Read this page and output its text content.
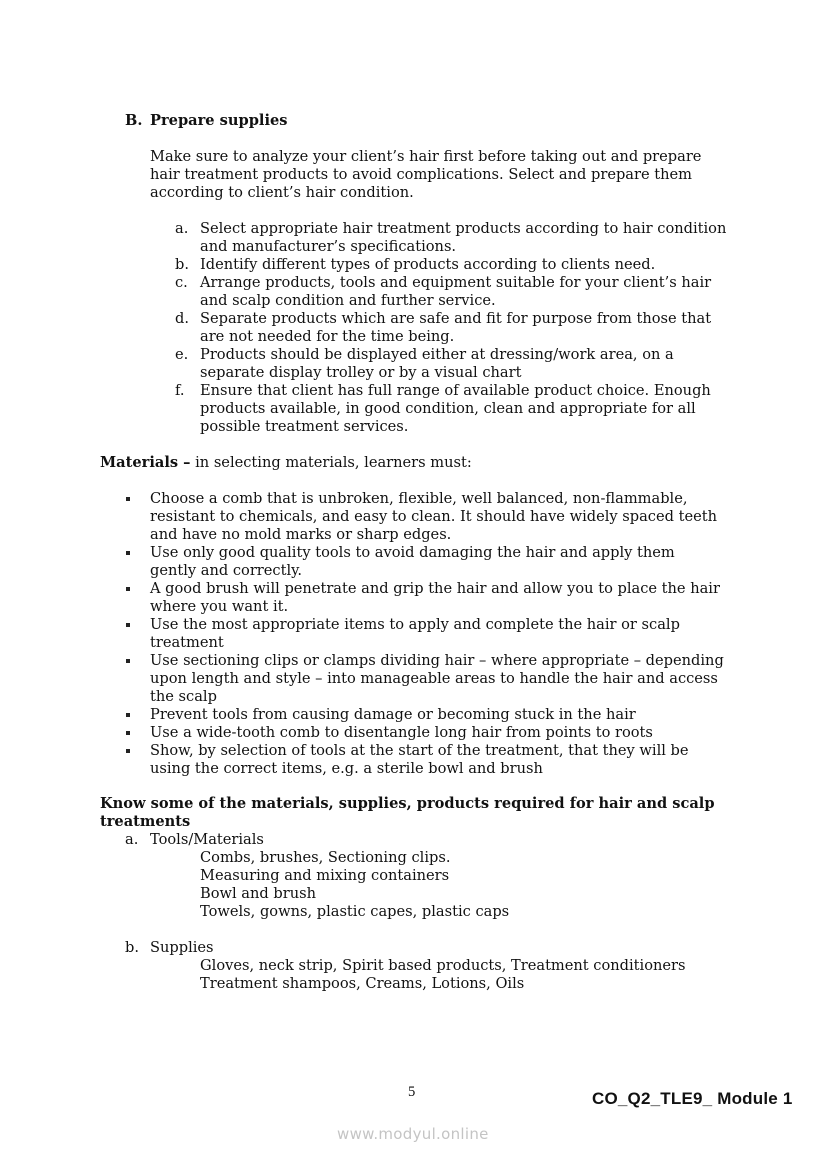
B. Prepare supplies
Make sure to analyze your client’s hair first before taking out and prepare
hair treatment products to avoid complications. Select and prepare them
according to client’s hair condition.
a. Select appropriate hair treatment products according to hair condition
and manufacturer’s specifications.
b. Identify different types of products according to clients need.
c. Arrange products, tools and equipment suitable for your client’s hair
and scalp condition and further service.
d. Separate products which are safe and fit for purpose from those that
are not needed for the time being.
e. Products should be displayed either at dressing/work area, on a
separate display trolley or by a visual chart
f. Ensure that client has full range of available product choice. Enough
products available, in good condition, clean and appropriate for all
possible treatment services.
Materials – in selecting materials, learners must:
Choose a comb that is unbroken, flexible, well balanced, non-flammable,
resistant to chemicals, and easy to clean. It should have widely spaced teeth
and have no mold marks or sharp edges.
Use only good quality tools to avoid damaging the hair and apply them
gently and correctly.
A good brush will penetrate and grip the hair and allow you to place the hair
where you want it.
Use the most appropriate items to apply and complete the hair or scalp
treatment
Use sectioning clips or clamps dividing hair – where appropriate – depending
upon length and style – into manageable areas to handle the hair and access
the scalp
Prevent tools from causing damage or becoming stuck in the hair
Use a wide-tooth comb to disentangle long hair from points to roots
Show, by selection of tools at the start of the treatment, that they will be
using the correct items, e.g. a sterile bowl and brush
Know some of the materials, supplies, products required for hair and scalp
treatments
a. Tools/Materials
Combs, brushes, Sectioning clips.
Measuring and mixing containers
Bowl and brush
Towels, gowns, plastic capes, plastic caps
b. Supplies
Gloves, neck strip, Spirit based products, Treatment conditioners
Treatment shampoos, Creams, Lotions, Oils
5	CO_Q2_TLE9_ Module 1
www.modyul.online
